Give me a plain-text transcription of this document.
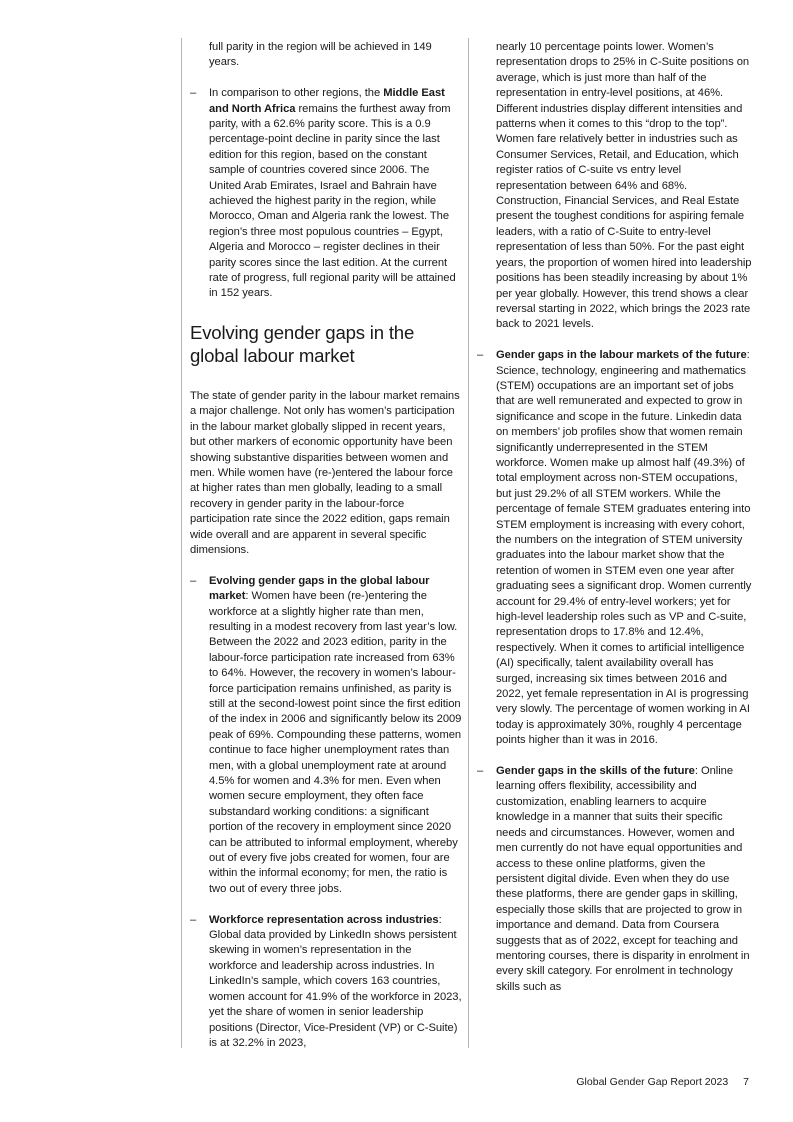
full parity in the region will be achieved in 149 years.

– In comparison to other regions, the Middle East and North Africa remains the furthest away from parity, with a 62.6% parity score. This is a 0.9 percentage-point decline in parity since the last edition for this region, based on the constant sample of countries covered since 2006. The United Arab Emirates, Israel and Bahrain have achieved the highest parity in the region, while Morocco, Oman and Algeria rank the lowest. The region’s three most populous countries – Egypt, Algeria and Morocco – register declines in their parity scores since the last edition. At the current rate of progress, full regional parity will be attained in 152 years.
Evolving gender gaps in the global labour market

The state of gender parity in the labour market remains a major challenge. Not only has women’s participation in the labour market globally slipped in recent years, but other markers of economic opportunity have been showing substantive disparities between women and men. While women have (re-)entered the labour force at higher rates than men globally, leading to a small recovery in gender parity in the labour-force participation rate since the 2022 edition, gaps remain wide overall and are apparent in several specific dimensions.

– Evolving gender gaps in the global labour market: Women have been (re-)entering the workforce at a slightly higher rate than men, resulting in a modest recovery from last year’s low. Between the 2022 and 2023 edition, parity in the labour-force participation rate increased from 63% to 64%. However, the recovery in women’s labour-force participation remains unfinished, as parity is still at the second-lowest point since the first edition of the index in 2006 and significantly below its 2009 peak of 69%. Compounding these patterns, women continue to face higher unemployment rates than men, with a global unemployment rate at around 4.5% for women and 4.3% for men. Even when women secure employment, they often face substandard working conditions: a significant portion of the recovery in employment since 2020 can be attributed to informal employment, whereby out of every five jobs created for women, four are within the informal economy; for men, the ratio is two out of every three jobs.
– Workforce representation across industries: Global data provided by LinkedIn shows persistent skewing in women’s representation in the workforce and leadership across industries. In LinkedIn’s sample, which covers 163 countries, women account for 41.9% of the workforce in 2023, yet the share of women in senior leadership positions (Director, Vice-President (VP) or C-Suite) is at 32.2% in 2023,

nearly 10 percentage points lower. Women’s representation drops to 25% in C-Suite positions on average, which is just more than half of the representation in entry-level positions, at 46%. Different industries display different intensities and patterns when it comes to this “drop to the top”. Women fare relatively better in industries such as Consumer Services, Retail, and Education, which register ratios of C-suite vs entry level representation between 64% and 68%. Construction, Financial Services, and Real Estate present the toughest conditions for aspiring female leaders, with a ratio of C-Suite to entry-level representation of less than 50%. For the past eight years, the proportion of women hired into leadership positions has been steadily increasing by about 1% per year globally. However, this trend shows a clear reversal starting in 2022, which brings the 2023 rate back to 2021 levels.

– Gender gaps in the labour markets of the future: Science, technology, engineering and mathematics (STEM) occupations are an important set of jobs that are well remunerated and expected to grow in significance and scope in the future. Linkedin data on members’ job profiles show that women remain significantly underrepresented in the STEM workforce. Women make up almost half (49.3%) of total employment across non-STEM occupations, but just 29.2% of all STEM workers. While the percentage of female STEM graduates entering into STEM employment is increasing with every cohort, the numbers on the integration of STEM university graduates into the labour market show that the retention of women in STEM even one year after graduating sees a significant drop. Women currently account for 29.4% of entry-level workers; yet for high-level leadership roles such as VP and C-suite, representation drops to 17.8% and 12.4%, respectively. When it comes to artificial intelligence (AI) specifically, talent availability overall has surged, increasing six times between 2016 and 2022, yet female representation in AI is progressing very slowly. The percentage of women working in AI today is approximately 30%, roughly 4 percentage points higher than it was in 2016.
– Gender gaps in the skills of the future: Online learning offers flexibility, accessibility and customization, enabling learners to acquire knowledge in a manner that suits their specific needs and circumstances. However, women and men currently do not have equal opportunities and access to these online platforms, given the persistent digital divide. Even when they do use these platforms, there are gender gaps in skilling, especially those skills that are projected to grow in importance and demand. Data from Coursera suggests that as of 2022, except for teaching and mentoring courses, there is disparity in enrolment in every skill category. For enrolment in technology skills such as
Global Gender Gap Report 2023 7
